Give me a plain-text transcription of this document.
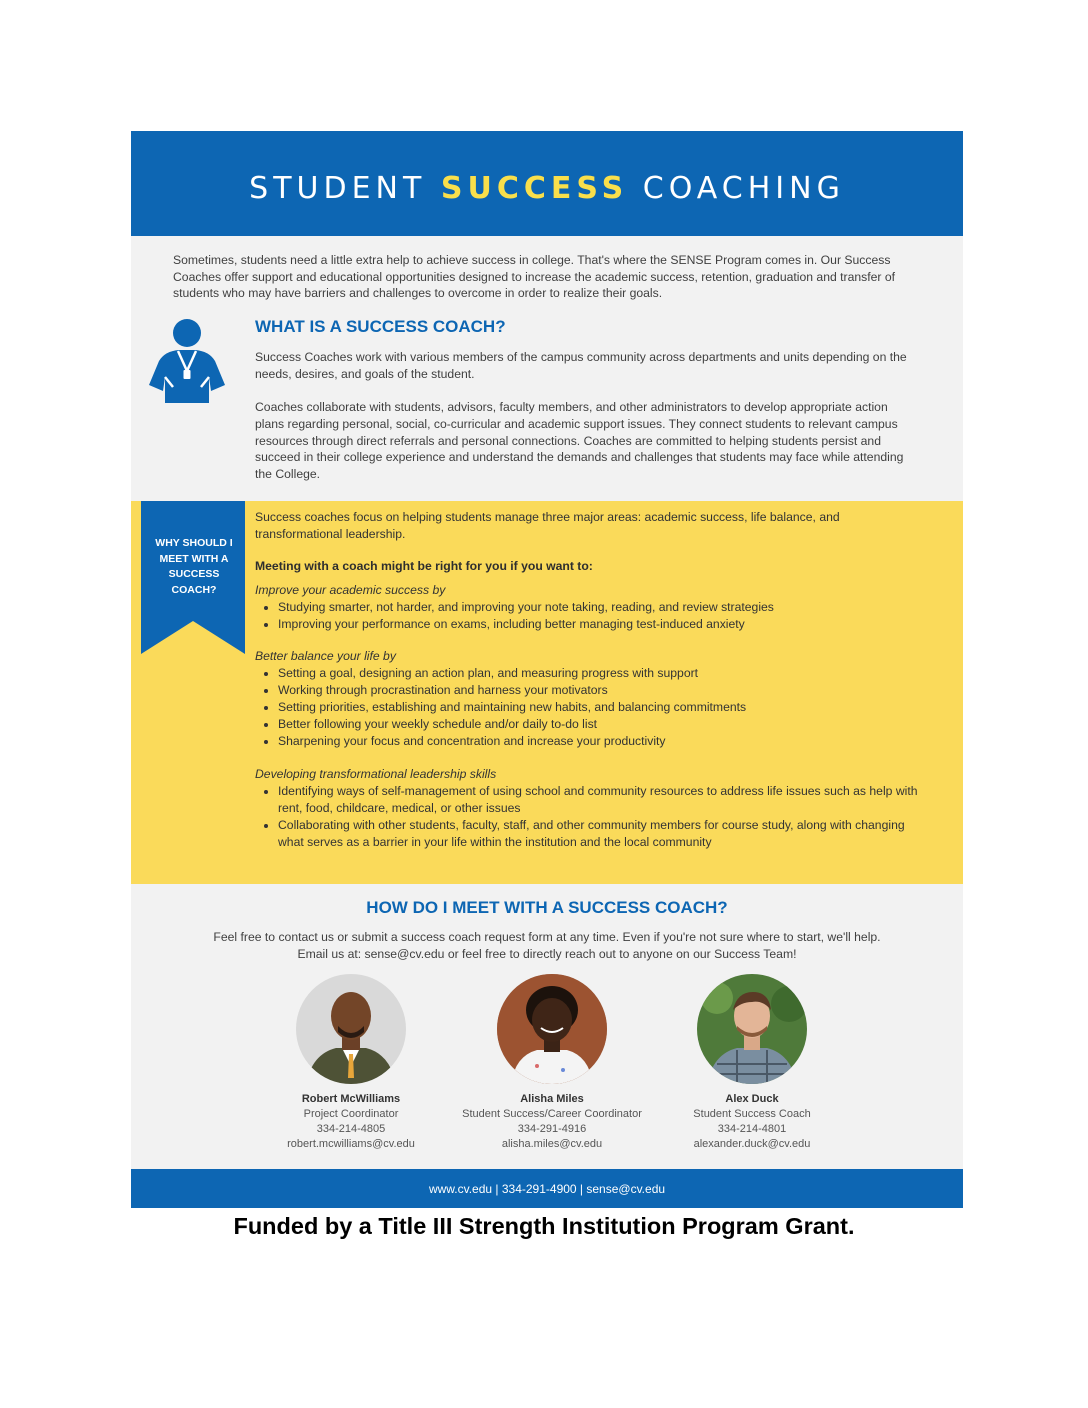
STUDENT SUCCESS COACHING

Sometimes, students need a little extra help to achieve success in college. That's where the SENSE Program comes in. Our Success Coaches offer support and educational opportunities designed to increase the academic success, retention, graduation and transfer of students who may have barriers and challenges to overcome in order to realize their goals.

WHAT IS A SUCCESS COACH?

Success Coaches work with various members of the campus community across departments and units depending on the needs, desires, and goals of the student.

Coaches collaborate with students, advisors, faculty members, and other administrators to develop appropriate action plans regarding personal, social, co-curricular and academic support issues. They connect students to relevant campus resources through direct referrals and personal connections. Coaches are committed to helping students persist and succeed in their college experience and understand the demands and challenges that students may face while attending the College.

WHY SHOULD I
MEET WITH A
SUCCESS
COACH?

Success coaches focus on helping students manage three major areas: academic success, life balance, and transformational leadership.

Meeting with a coach might be right for you if you want to:

Improve your academic success by

• Studying smarter, not harder, and improving your note taking, reading, and review strategies
• Improving your performance on exams, including better managing test-induced anxiety

Better balance your life by

• Setting a goal, designing an action plan, and measuring progress with support
• Working through procrastination and harness your motivators
• Setting priorities, establishing and maintaining new habits, and balancing commitments
• Better following your weekly schedule and/or daily to-do list
• Sharpening your focus and concentration and increase your productivity

Developing transformational leadership skills

• Identifying ways of self-management of using school and community resources to address life issues such as help with rent, food, childcare, medical, or other issues
• Collaborating with other students, faculty, staff, and other community members for course study, along with changing what serves as a barrier in your life within the institution and the local community
HOW DO I MEET WITH A SUCCESS COACH?

Feel free to contact us or submit a success coach request form at any time. Even if you're not sure where to start, we'll help.
Email us at: sense@cv.edu or feel free to directly reach out to anyone on our Success Team!

Robert McWilliams

Project Coordinator

334-214-4805

robert.mcwilliams@cv.edu

Alisha Miles

Student Success/Career Coordinator

334-291-4916

alisha.miles@cv.edu

Alex Duck

Student Success Coach

334-214-4801

alexander.duck@cv.edu

www.cv.edu | 334-291-4900 | sense@cv.edu

Funded by a Title III Strength Institution Program Grant.
